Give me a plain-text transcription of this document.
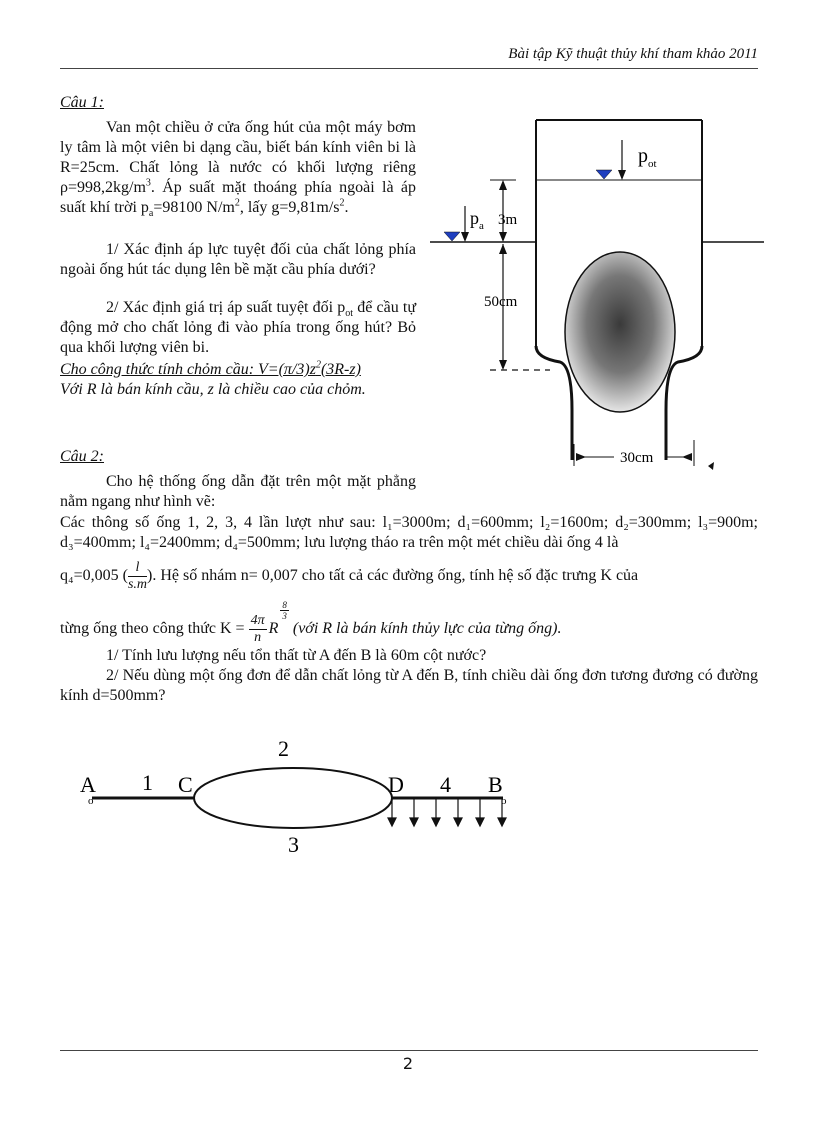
Bài tập Kỹ thuật thủy khí tham khảo 2011
Câu 1:
Van một chiều ở cửa ống hút của một máy bơm ly tâm là một viên bi dạng cầu, biết bán kính viên bi là R=25cm. Chất lỏng là nước có khối lượng riêng $\rho=998,2kg/m^3$. Áp suất mặt thoáng phía ngoài là áp suất khí trời $p_a=98100$ $N/m^2$, lấy $g=9,81m/s^2$.
1/ Xác định áp lực tuyệt đối của chất lỏng phía ngoài ống hút tác dụng lên bề mặt cầu phía dưới?
2/ Xác định giá trị áp suất tuyệt đối $p_{ot}$ để cầu tự động mở cho chất lỏng đi vào phía trong ống hút? Bỏ qua khối lượng viên bi.
Cho công thức tính chỏm cầu: $V=(\pi/3)z^2(3R-z)$
Với R là bán kính cầu, z là chiều cao của chỏm.
$p_{ot}$
$p_a$ 3m
50cm
30cm
Câu 2:
Cho hệ thống ống dẫn đặt trên một mặt phẳng nằm ngang như hình vẽ:
Các thông số ống 1, 2, 3, 4 lần lượt như sau: l₁=3000m; d₁=600mm; l₂=1600m; d₂=300mm; l₃=900m; d₃=400mm; l₄=2400mm; d₄=500mm; lưu lượng tháo ra trên một mét chiều dài ống 4 là
q₄=0,005 ( $\frac{l}{s.m}$ ). Hệ số nhám n= 0,007 cho tất cả các đường ống, tính hệ số đặc trưng K của
từng ống theo công thức $K = \frac{4\pi}{n}$ R
$\frac{8}{3}$
(với R là bán kính thủy lực của từng ống).
1/ Tính lưu lượng nếu tổn thất từ A đến B là 60m cột nước?
2/ Nếu dùng một ống đơn để dẫn chất lỏng từ A đến B, tính chiều dài ống đơn tương đương có đường kính d=500mm?
A
o
1 C
2
3
D 4 B
o
2
